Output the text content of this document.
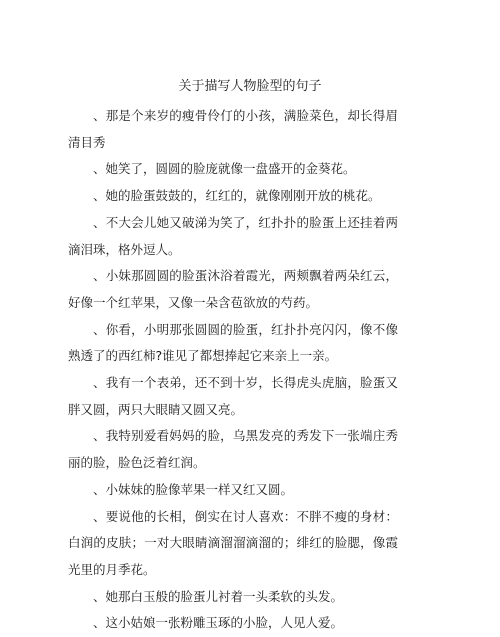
关于描写人物脸型的句子

、那是个来岁的瘦骨伶仃的小孩，满脸菜色，却长得眉清目秀

、她笑了，圆圆的脸庞就像一盘盛开的金葵花。

、她的脸蛋鼓鼓的，红红的，就像刚刚开放的桃花。

、不大会儿她又破涕为笑了，红扑扑的脸蛋上还挂着两滴泪珠，格外逗人。

、小妹那圆圆的脸蛋沐浴着霞光，两颊飘着两朵红云，好像一个红苹果，又像一朵含苞欲放的芍药。

、你看，小明那张圆圆的脸蛋，红扑扑亮闪闪，像不像熟透了的西红柿?谁见了都想捧起它来亲上一亲。

、我有一个表弟，还不到十岁，长得虎头虎脑，脸蛋又胖又圆，两只大眼睛又圆又亮。

、我特别爱看妈妈的脸，乌黑发亮的秀发下一张端庄秀丽的脸，脸色泛着红润。

、小妹妹的脸像苹果一样又红又圆。

、要说他的长相，倒实在讨人喜欢：不胖不瘦的身材：白润的皮肤；一对大眼睛滴溜溜滴溜的；绯红的脸腮，像霞光里的月季花。

、她那白玉般的脸蛋儿衬着一头柔软的头发。

、这小姑娘一张粉雕玉琢的小脸，人见人爱。
